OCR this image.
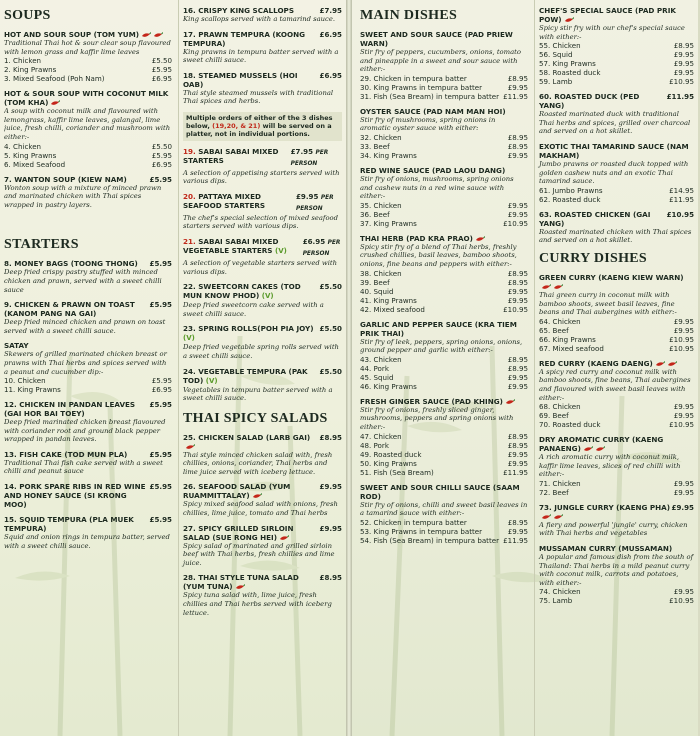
SOUPS
HOT AND SOUR SOUP (TOM YUM)
Traditional Thai hot & sour clear soup flavoured with lemon grass and kaffir lime leaves
1. Chicken	£5.50
2. King Prawns	£5.95
3. Mixed Seafood (Poh Nam)	£6.95
HOT & SOUR SOUP WITH COCONUT MILK (TOM KHA)
A soup with coconut milk and flavoured with lemongrass, kaffir lime leaves, galangal, lime juice, fresh chilli, coriander and mushroom with either:-
4. Chicken	£5.50
5. King Prawns	£5.95
6. Mixed Seafood	£6.95
7. WANTON SOUP (KIEW NAM)	£5.95
Wonton soup with a mixture of minced prawn and marinated chicken with Thai spices wrapped in pastry layers.
STARTERS
8. MONEY BAGS (TOONG THONG) £5.95
Deep fried crispy pastry stuffed with minced chicken and prawn, served with a sweet chilli sauce
9. CHICKEN & PRAWN ON TOAST (KANOM PANG NA GAI)
£5.95
Deep fried minced chicken and prawn on toast served with a sweet chilli sauce.
SATAY
Skewers of grilled marinated chicken breast or prawns with Thai herbs and spices served with a peanut and cucumber dip:-
10. Chicken	£5.95
11. King Prawns	£6.95
12. CHICKEN IN PANDAN LEAVES (GAI HOR BAI TOEY)
£5.95
Deep fried marinated chicken breast flavoured with coriander root and ground black pepper wrapped in pandan leaves.
13. FISH CAKE (TOD MUN PLA)	£5.95
Traditional Thai fish cake served with a sweet chilli and peanut sauce
14. PORK SPARE RIBS IN RED WINE AND HONEY SAUCE (SI KRONG MOO)
£5.95
15. SQUID TEMPURA (PLA MUEK TEMPURA)
£5.95
Squid and onion rings in tempura batter, served with a sweet chilli sauce.
16. CRISPY KING SCALLOPS	£7.95
King scallops served with a tamarind sauce.
17. PRAWN TEMPURA (KOONG TEMPURA)
£6.95
King prawns in tempura batter served with a sweet chilli sauce.
18. STEAMED MUSSELS (HOI OAB)
£6.95
Thai style steamed mussels with traditional Thai spices and herbs.
Multiple orders of either of the 3 dishes below, (19,20, & 21) will be served on a platter, not in individual portions.
19. SABAI SABAI MIXED STARTERS
£7.95 PER PERSON
A selection of appetising starters served with various dips.
20. PATTAYA MIXED SEAFOOD STARTERS
£9.95 PER PERSON
The chef's special selection of mixed seafood starters served with various dips.
21. SABAI SABAI MIXED VEGETABLE STARTERS (V)
£6.95 PER PERSON
A selection of vegetable starters served with various dips.
22. SWEETCORN CAKES (TOD MUN KNOW PHOD) (V)
£5.50
Deep fried sweetcorn cake served with a sweet chilli sauce.
23. SPRING ROLLS(POH PIA JOY) (V)
£5.50
Deep fried vegetable spring rolls served with a sweet chilli sauce.
24. VEGETABLE TEMPURA (PAK TOD) (V)
£5.50
Vegetables in tempura batter served with a sweet chilli sauce.
THAI SPICY SALADS
25. CHICKEN SALAD (LARB GAI)	£8.95
Thai style minced chicken salad with, fresh chillies, onions, coriander, Thai herbs and lime juice served with iceberg lettuce.
26. SEAFOOD SALAD (YUM RUAMMITTALAY)
£9.95
Spicy mixed seafood salad with onions, fresh chillies, lime juice, tomato and Thai herbs
27. SPICY GRILLED SIRLOIN SALAD (SUE RONG HEI)
£9.95
Spicy salad of marinated and grilled sirloin beef with Thai herbs, fresh chillies and lime juice.
28. THAI STYLE TUNA SALAD (YUM TUNA)
£8.95
Spicy tuna salad with, lime juice, fresh chillies and Thai herbs served with iceberg lettuce.
MAIN DISHES
SWEET AND SOUR SAUCE (PAD PRIEW WARN)
Stir fry of peppers, cucumbers, onions, tomato and pineapple in a sweet and sour sauce with either:-
29. Chicken in tempura batter	£8.95
30. King Prawns in tempura batter	£9.95
31. Fish (Sea Bream) in tempura batter £11.95
OYSTER SAUCE (PAD NAM MAN HOI)
Stir fry of mushrooms, spring onions in aromatic oyster sauce with either:
32. Chicken	£8.95
33. Beef	£8.95
34. King Prawns	£9.95
RED WINE SAUCE (PAD LAOU DANG)
Stir fry of onions, mushrooms, spring onions and cashew nuts in a red wine sauce with either:-
35. Chicken	£9.95
36. Beef	£9.95
37. King Prawns	£10.95
THAI HERB (PAD KRA PRAO)
Spicy stir fry of a blend of Thai herbs, freshly crushed chillies, basil leaves, bamboo shoots, onions, fine beans and peppers with either:-
38. Chicken	£8.95
39. Beef	£8.95
40. Squid	£9.95
41. King Prawns	£9.95
42. Mixed seafood	£10.95
GARLIC AND PEPPER SAUCE (KRA TIEM PRIK THAI)
Stir fry of leek, peppers, spring onions, onions, ground pepper and garlic with either:-
43. Chicken	£8.95
44. Pork	£8.95
45. Squid	£9.95
46. King Prawns	£9.95
FRESH GINGER SAUCE (PAD KHING)
Stir fry of onions, freshly sliced ginger, mushrooms, peppers and spring onions with either:-
47. Chicken	£8.95
48. Pork	£8.95
49. Roasted duck	£9.95
50. King Prawns	£9.95
51. Fish (Sea Bream)	£11.95
SWEET AND SOUR CHILLI SAUCE (SAAM ROD)
Stir fry of onions, chilli and sweet basil leaves in a tamarind sauce with either:-
52. Chicken in tempura batter	£8.95
53. King Prawns in tempura batter	£9.95
54. Fish (Sea Bream) in tempura batter £11.95
CHEF'S SPECIAL SAUCE (PAD PRIK POW)
Spicy stir fry with our chef's special sauce with either:-
55. Chicken	£8.95
56. Squid	£9.95
57. King Prawns	£9.95
58. Roasted duck	£9.95
59. Lamb	£10.95
60. ROASTED DUCK (PED YANG)
£11.95
Roasted marinated duck with traditional Thai herbs and spices, grilled over charcoal and served on a hot skillet.
EXOTIC THAI TAMARIND SAUCE (NAM MAKHAM)
Jumbo prawns or roasted duck topped with golden cashew nuts and an exotic Thai tamarind sauce.
61. Jumbo Prawns	£14.95
62. Roasted duck	£11.95
63. ROASTED CHICKEN (GAI YANG)
£10.95
Roasted marinated chicken with Thai spices and served on a hot skillet.
CURRY DISHES
GREEN CURRY (KAENG KIEW WARN)
Thai green curry in coconut milk with bamboo shoots, sweet basil leaves, fine beans and Thai aubergines with either:-
64. Chicken	£9.95
65. Beef	£9.95
66. King Prawns	£10.95
67. Mixed seafood	£10.95
RED CURRY (KAENG DAENG)
A spicy red curry and coconut milk with bamboo shoots, fine beans, Thai aubergines and flavoured with sweet basil leaves with either:-
68. Chicken	£9.95
69. Beef	£9.95
70. Roasted duck	£10.95
DRY AROMATIC CURRY (KAENG PANAENG)
A rich aromatic curry with coconut milk, kaffir lime leaves, slices of red chilli with either:-
71. Chicken	£9.95
72. Beef	£9.95
73. JUNGLE CURRY (KAENG PHA) £9.95
A fiery and powerful 'jungle' curry, chicken with Thai herbs and vegetables
MUSSAMAN CURRY (MUSSAMAN)
A popular and famous dish from the south of Thailand: Thai herbs in a mild peanut curry with coconut milk, carrots and potatoes, with either:-
74. Chicken	£9.95
75. Lamb	£10.95
